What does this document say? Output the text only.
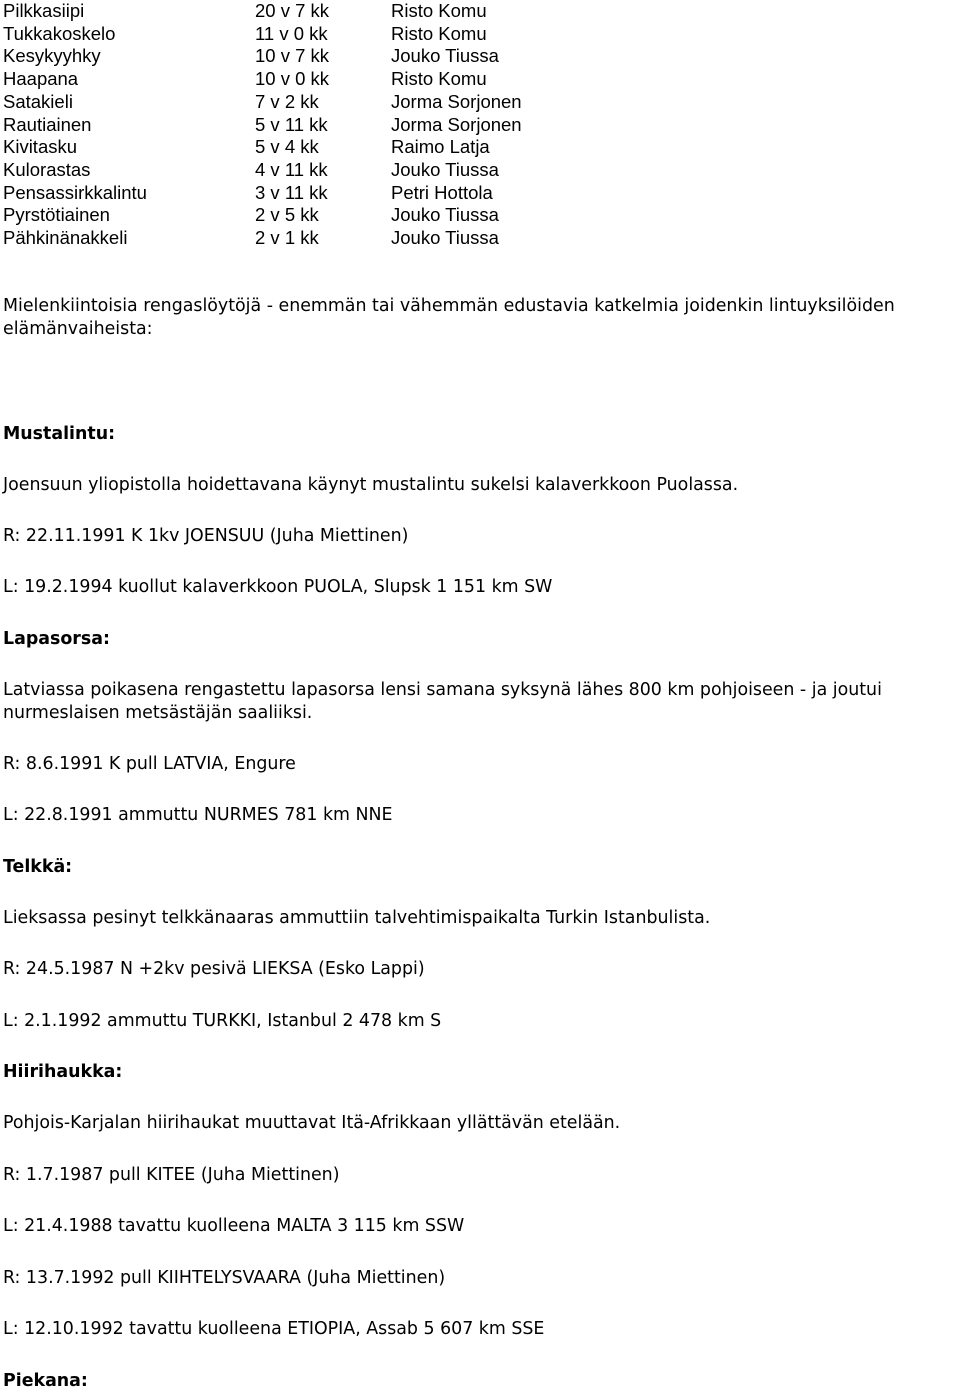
Pilkkasiipi	20 v 7 kk	Risto Komu
Tukkakoskelo	11 v 0 kk	Risto Komu
Kesykyyhky	10 v 7 kk	Jouko Tiussa
Haapana	10 v 0 kk	Risto Komu
Satakieli	7 v 2 kk	Jorma Sorjonen
Rautiainen	5 v 11 kk	Jorma Sorjonen
Kivitasku	5 v 4 kk	Raimo Latja
Kulorastas	4 v 11 kk	Jouko Tiussa
Pensassirkkalintu	3 v 11 kk	Petri Hottola
Pyrstötiainen	2 v 5 kk	Jouko Tiussa
Pähkinänakkeli	2 v 1 kk	Jouko Tiussa

Mielenkiintoisia rengaslöytöjä - enemmän tai vähemmän edustavia katkelmia joidenkin lintuyksilöiden elämänvaiheista:

Mustalintu:

Joensuun yliopistolla hoidettavana käynyt mustalintu sukelsi kalaverkkoon Puolassa.

R: 22.11.1991 K 1kv JOENSUU (Juha Miettinen)

L: 19.2.1994 kuollut kalaverkkoon PUOLA, Slupsk 1 151 km SW

Lapasorsa:

Latviassa poikasena rengastettu lapasorsa lensi samana syksynä lähes 800 km pohjoiseen - ja joutui nurmeslaisen metsästäjän saaliiksi.

R: 8.6.1991 K pull LATVIA, Engure

L: 22.8.1991 ammuttu NURMES 781 km NNE

Telkkä:

Lieksassa pesinyt telkkänaaras ammuttiin talvehtimispaikalta Turkin Istanbulista.

R: 24.5.1987 N +2kv pesivä LIEKSA (Esko Lappi)

L: 2.1.1992 ammuttu TURKKI, Istanbul 2 478 km S

Hiirihaukka:

Pohjois-Karjalan hiirihaukat muuttavat Itä-Afrikkaan yllättävän etelään.

R: 1.7.1987 pull KITEE (Juha Miettinen)

L: 21.4.1988 tavattu kuolleena MALTA 3 115 km SSW

R: 13.7.1992 pull KIIHTELYSVAARA (Juha Miettinen)

L: 12.10.1992 tavattu kuolleena ETIOPIA, Assab 5 607 km SSE

Piekana:
